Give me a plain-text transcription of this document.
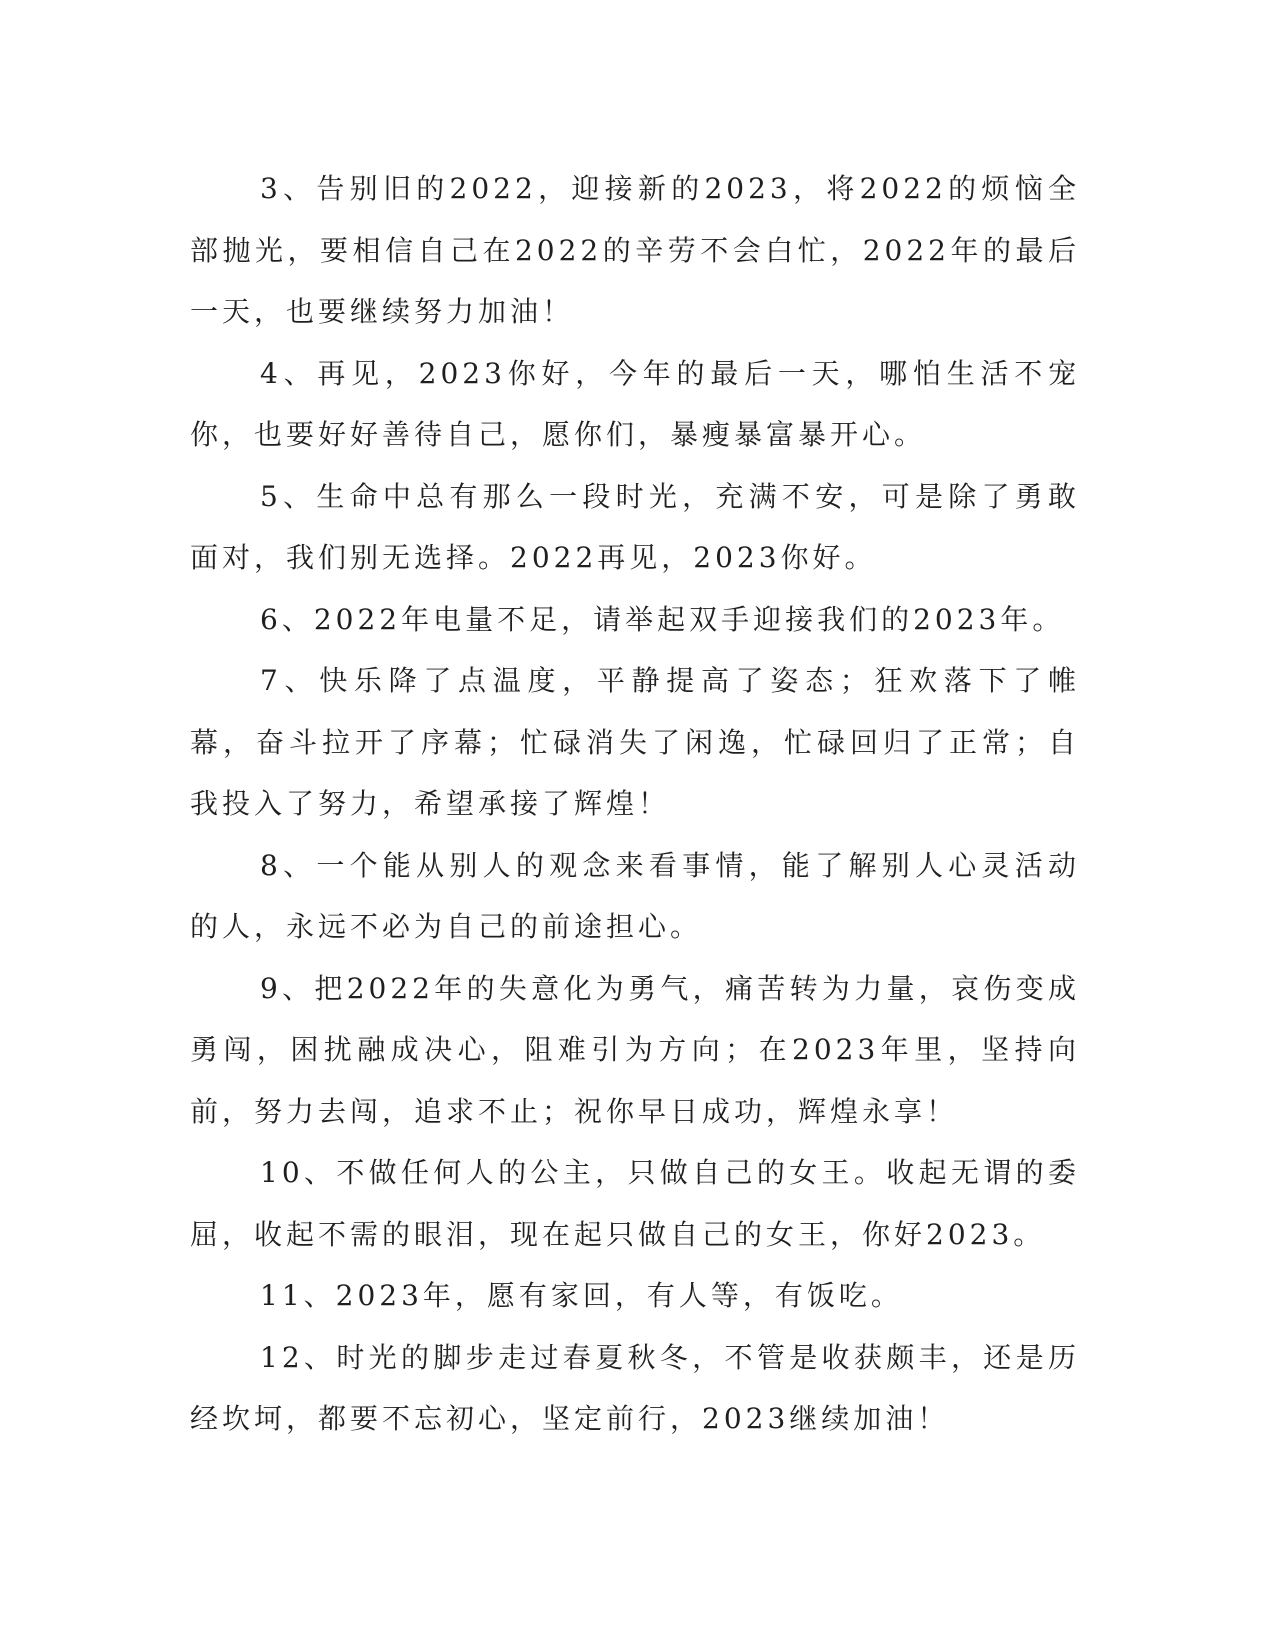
3、告别旧的2022，迎接新的2023，将2022的烦恼全部抛光，要相信自己在2022的辛劳不会白忙，2022年的最后一天，也要继续努力加油！

4、再见，2023你好，今年的最后一天，哪怕生活不宠你，也要好好善待自己，愿你们，暴瘦暴富暴开心。

5、生命中总有那么一段时光，充满不安，可是除了勇敢面对，我们别无选择。2022再见，2023你好。

6、2022年电量不足，请举起双手迎接我们的2023年。

7、快乐降了点温度，平静提高了姿态；狂欢落下了帷幕，奋斗拉开了序幕；忙碌消失了闲逸，忙碌回归了正常；自我投入了努力，希望承接了辉煌！

8、一个能从别人的观念来看事情，能了解别人心灵活动的人，永远不必为自己的前途担心。

9、把2022年的失意化为勇气，痛苦转为力量，哀伤变成勇闯，困扰融成决心，阻难引为方向；在2023年里，坚持向前，努力去闯，追求不止；祝你早日成功，辉煌永享！

10、不做任何人的公主，只做自己的女王。收起无谓的委屈，收起不需的眼泪，现在起只做自己的女王，你好2023。

11、2023年，愿有家回，有人等，有饭吃。

12、时光的脚步走过春夏秋冬，不管是收获颇丰，还是历经坎坷，都要不忘初心，坚定前行，2023继续加油！
